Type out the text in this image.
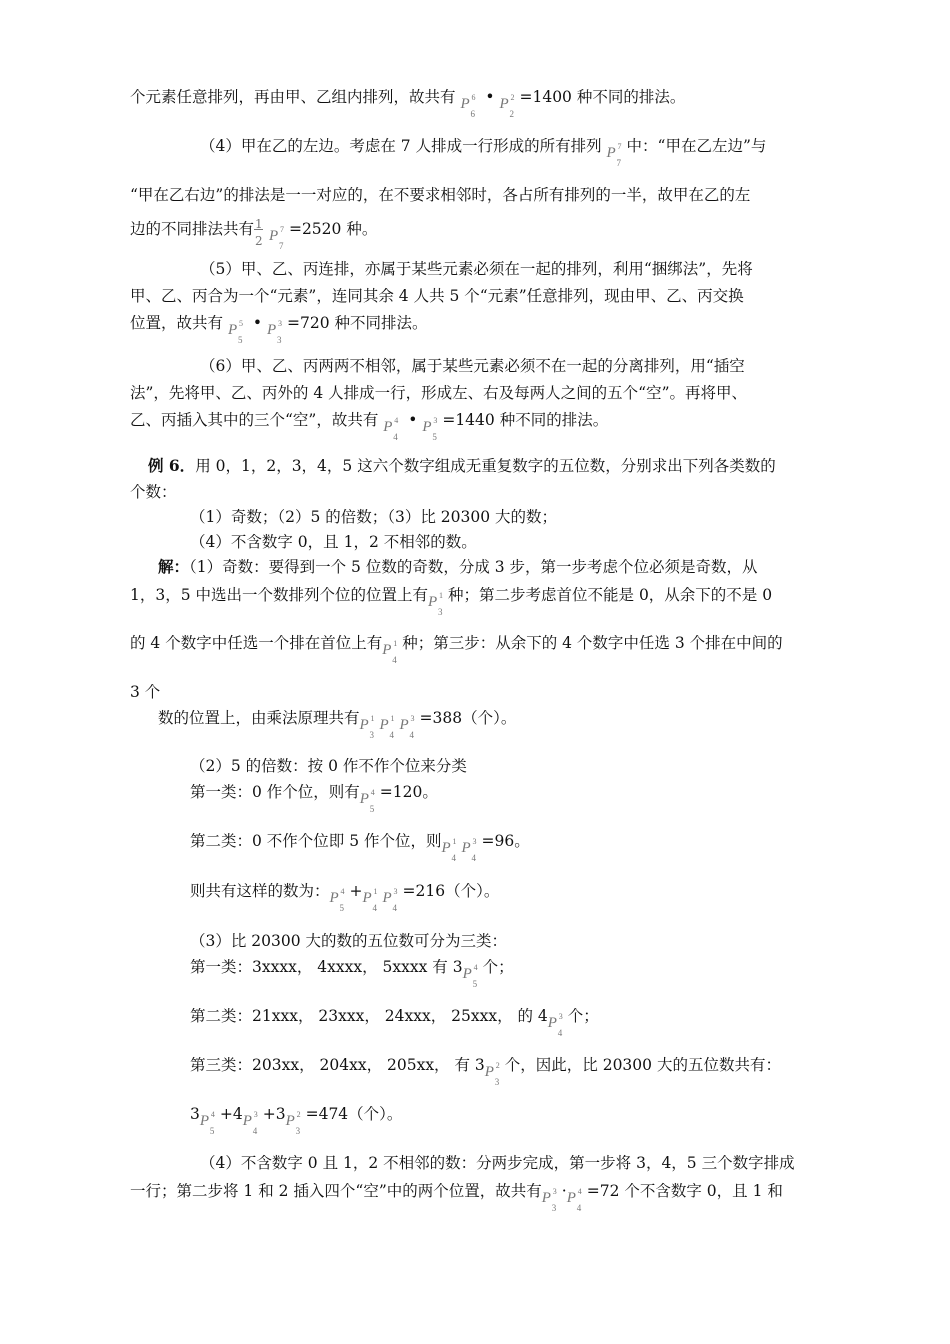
个元素任意排列，再由甲、乙组内排列，故共有 P
6
6 • P
2
2 =1400 种不同的排法。
（4）甲在乙的左边。考虑在 7 人排成一行形成的所有排列 P
7
7 中：“甲在乙左边”与
“甲在乙右边”的排法是一一对应的，在不要求相邻时，各占所有排列的一半，故甲在乙的左
边的不同排法共有 $\frac{1}{2}$
P
7
7 =2520 种。
（5）甲、乙、丙连排，亦属于某些元素必须在一起的排列，利用“捆绑法”，先将
甲、乙、丙合为一个“元素”，连同其余 4 人共 5 个“元素”任意排列，现由甲、乙、丙交换
位置，故共有 P
5
5 • P
3
3 =720 种不同排法。
（6）甲、乙、丙两两不相邻，属于某些元素必须不在一起的分离排列，用“插空
法”，先将甲、乙、丙外的 4 人排成一行，形成左、右及每两人之间的五个“空”。再将甲、
乙、丙插入其中的三个“空”，故共有 P
4
4 • P
5
3 =1440 种不同的排法。
例 6．用 0，1，2，3，4，5 这六个数字组成无重复数字的五位数，分别求出下列各类数的
个数：
（1）奇数；（2）5 的倍数；（3）比 20300 大的数；
（4）不含数字 0，且 1，2 不相邻的数。
解：（1）奇数：要得到一个 5 位数的奇数，分成 3 步，第一步考虑个位必须是奇数，从
1，3，5 中选出一个数排列个位的位置上有 P
3
1 种；第二步考虑首位不能是 0，从余下的不是 0
的 4 个数字中任选一个排在首位上有 P
4
1 种；第三步：从余下的 4 个数字中任选 3 个排在中间的
3 个
数的位置上，由乘法原理共有 P
3
1 P
4
1 P
4
3 =388（个）。
（2）5 的倍数：按 0 作不作个位来分类
第一类：0 作个位，则有 P
5
4 =120。
第二类：0 不作个位即 5 作个位，则 P
4
1 P
4
3 =96。
则共有这样的数为： P
5
4 + P
4
1 P
4
3 =216（个）。
（3）比 20300 大的数的五位数可分为三类：
第一类：3xxxx， 4xxxx， 5xxxx 有 3 P
5
4 个；
第二类：21xxx， 23xxx， 24xxx， 25xxx， 的 4 P
4
3 个；
第三类：203xx， 204xx， 205xx， 有 3 P
3
2 个，因此，比 20300 大的五位数共有：
3 P
5
4 +4 P
4
3 +3 P
3
2 =474（个）。
（4）不含数字 0 且 1，2 不相邻的数：分两步完成，第一步将 3，4，5 三个数字排成
一行；第二步将 1 和 2 插入四个“空”中的两个位置，故共有 P
3
3 · P
4
4 =72 个不含数字 0，且 1 和
